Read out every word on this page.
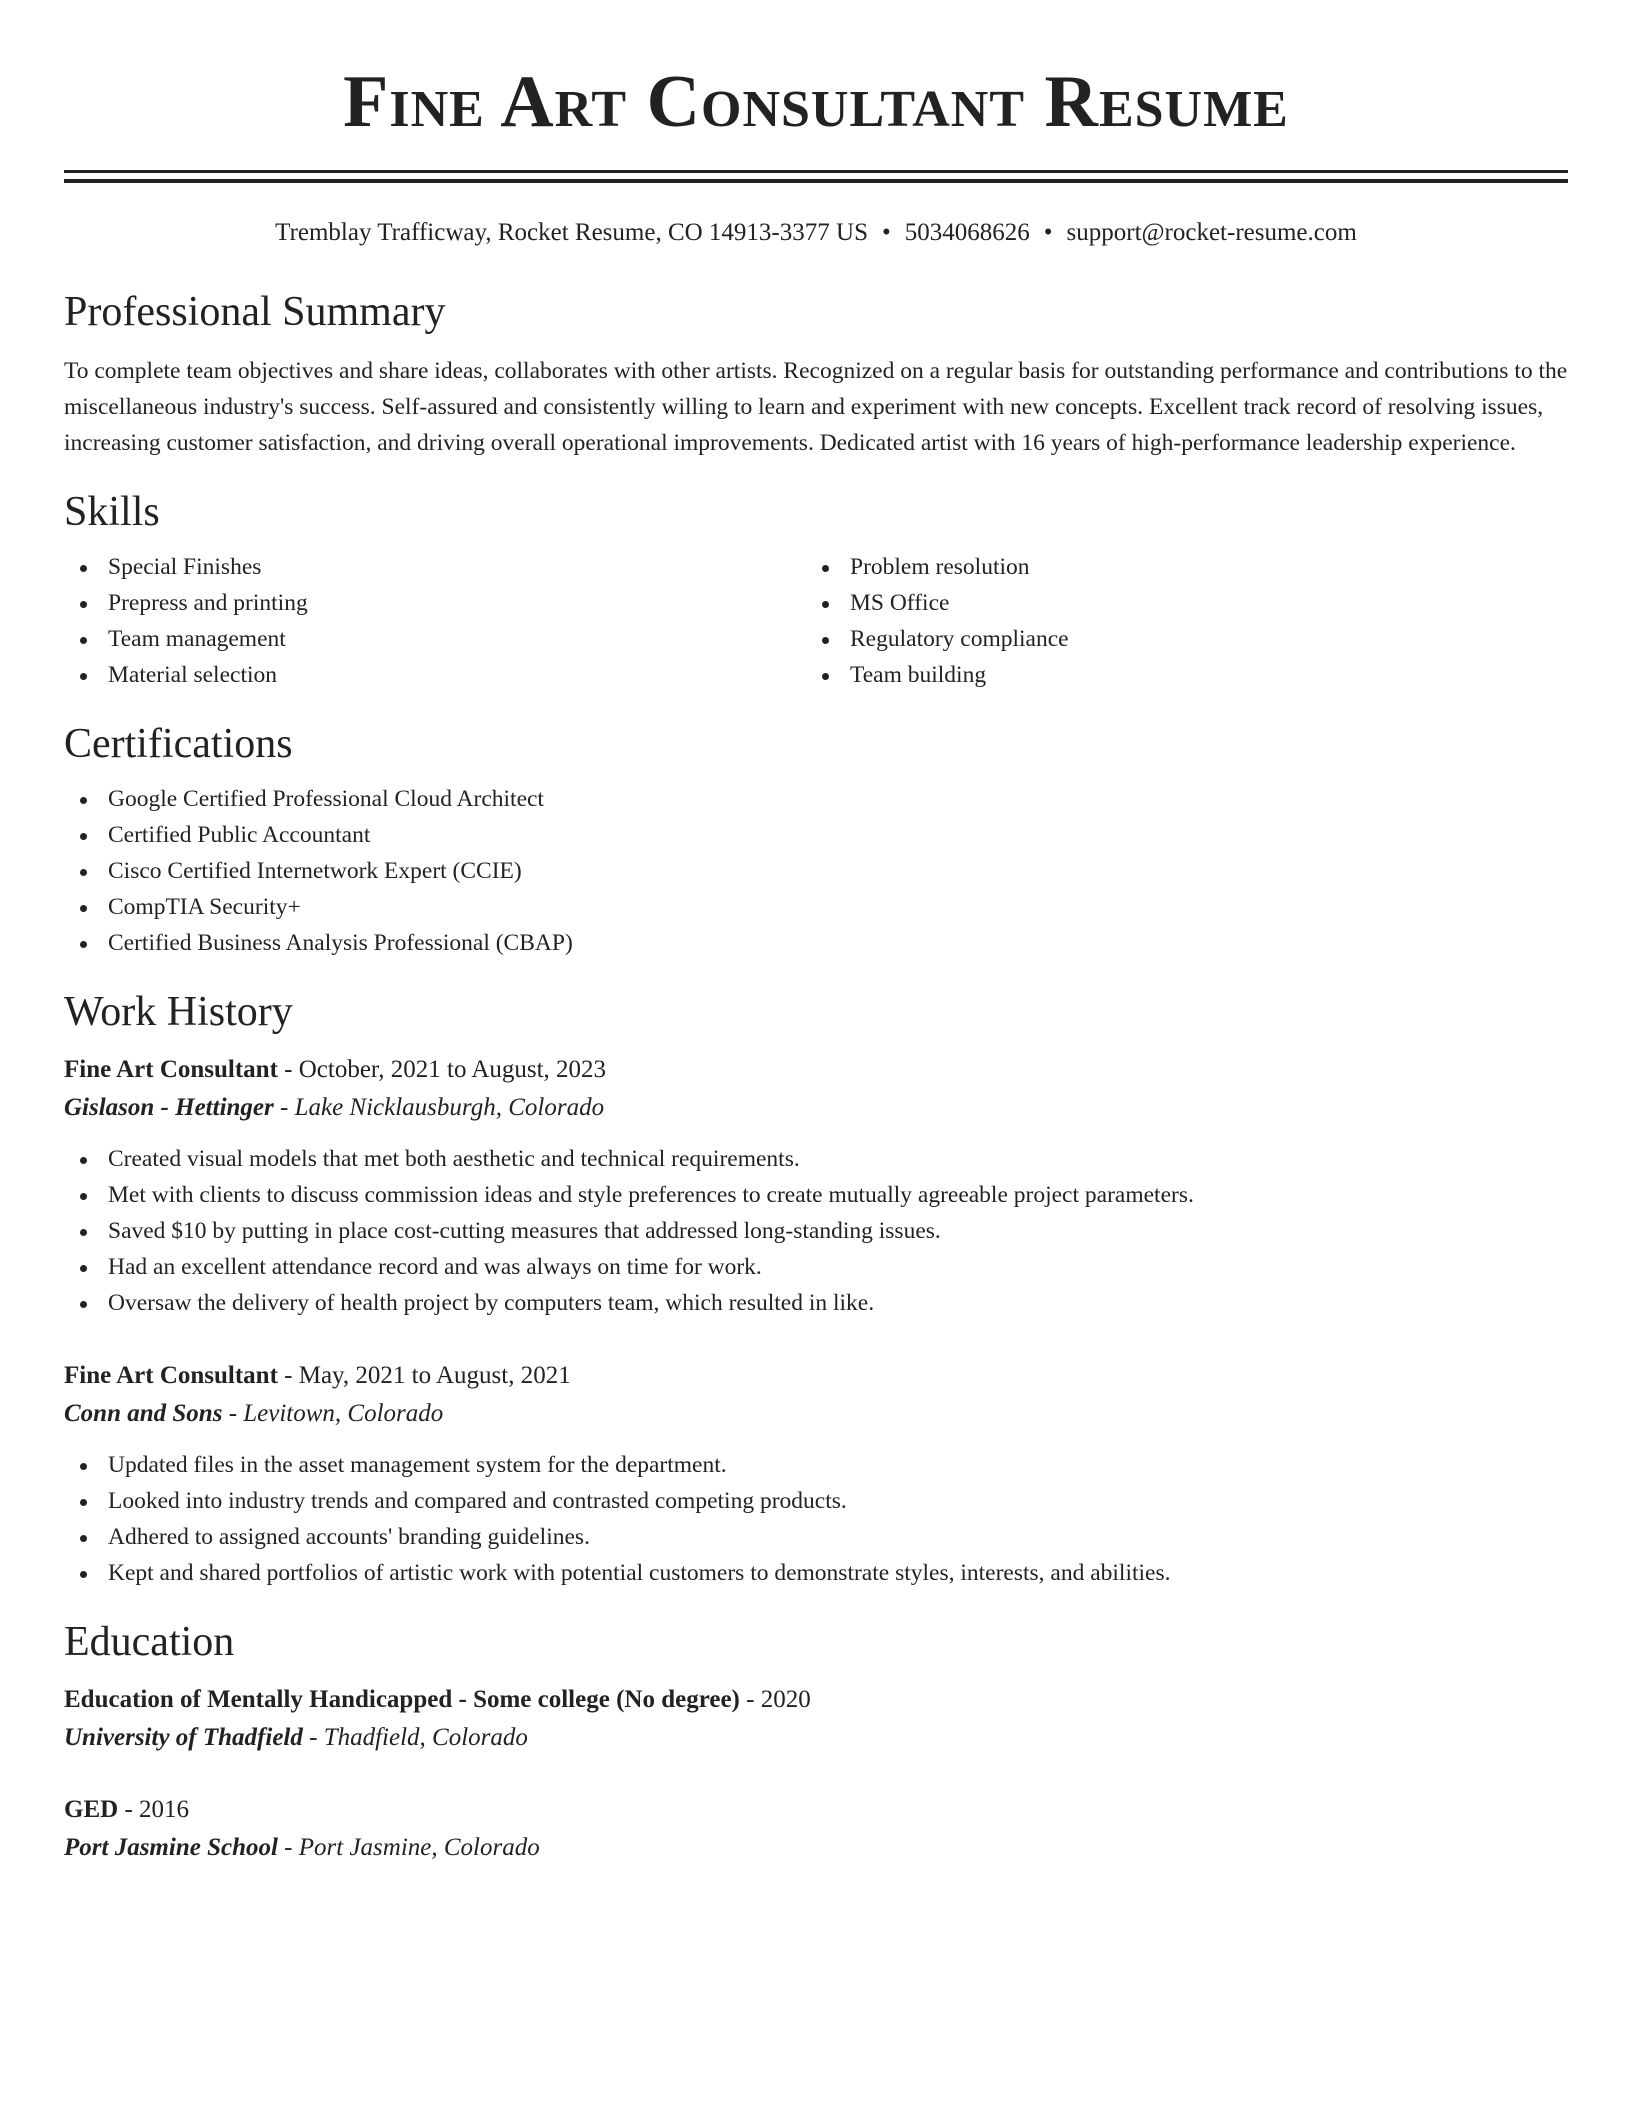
Fine Art Consultant Resume
Tremblay Trafficway, Rocket Resume, CO 14913-3377 US • 5034068626 • support@rocket-resume.com
Professional Summary
To complete team objectives and share ideas, collaborates with other artists. Recognized on a regular basis for outstanding performance and contributions to the miscellaneous industry's success. Self-assured and consistently willing to learn and experiment with new concepts. Excellent track record of resolving issues, increasing customer satisfaction, and driving overall operational improvements. Dedicated artist with 16 years of high-performance leadership experience.
Skills
Special Finishes
Prepress and printing
Team management
Material selection
Problem resolution
MS Office
Regulatory compliance
Team building
Certifications
Google Certified Professional Cloud Architect
Certified Public Accountant
Cisco Certified Internetwork Expert (CCIE)
CompTIA Security+
Certified Business Analysis Professional (CBAP)
Work History
Fine Art Consultant - October, 2021 to August, 2023
Gislason - Hettinger - Lake Nicklausburgh, Colorado
Created visual models that met both aesthetic and technical requirements.
Met with clients to discuss commission ideas and style preferences to create mutually agreeable project parameters.
Saved $10 by putting in place cost-cutting measures that addressed long-standing issues.
Had an excellent attendance record and was always on time for work.
Oversaw the delivery of health project by computers team, which resulted in like.
Fine Art Consultant - May, 2021 to August, 2021
Conn and Sons - Levitown, Colorado
Updated files in the asset management system for the department.
Looked into industry trends and compared and contrasted competing products.
Adhered to assigned accounts' branding guidelines.
Kept and shared portfolios of artistic work with potential customers to demonstrate styles, interests, and abilities.
Education
Education of Mentally Handicapped - Some college (No degree) - 2020
University of Thadfield - Thadfield, Colorado
GED - 2016
Port Jasmine School - Port Jasmine, Colorado
